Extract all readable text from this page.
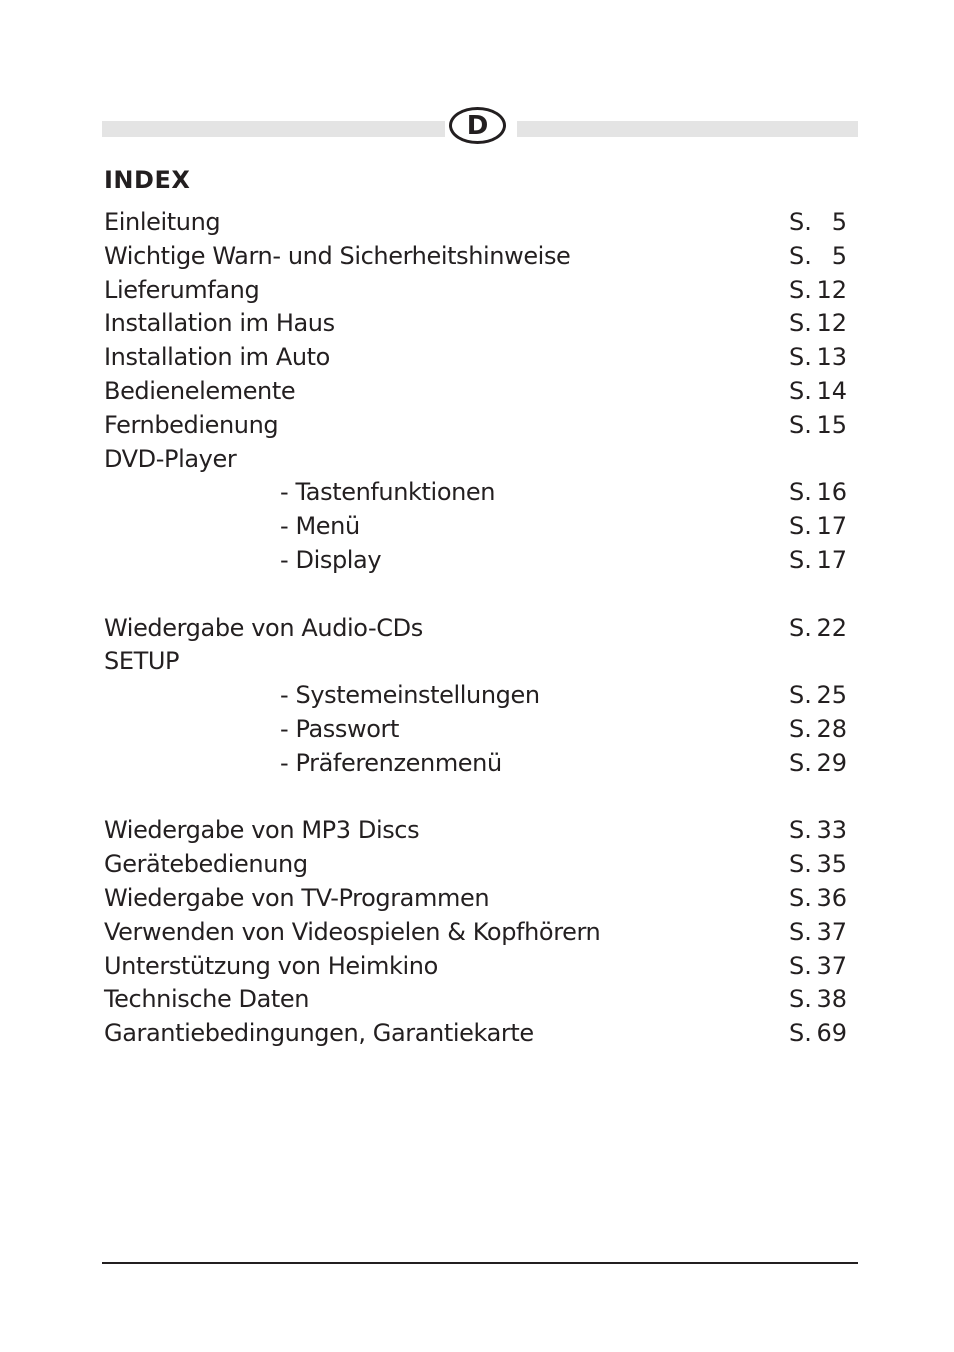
D
INDEX
Einleitung	S. 5
Wichtige Warn- und Sicherheitshinweise	S. 5
Lieferumfang	S. 12
Installation im Haus	S. 12
Installation im Auto	S. 13
Bedienelemente	S. 14
Fernbedienung	S. 15
DVD-Player
- Tastenfunktionen	S. 16
- Menü	S. 17
- Display	S. 17
Wiedergabe von Audio-CDs	S. 22
SETUP
- Systemeinstellungen	S. 25
- Passwort	S. 28
- Präferenzenmenü	S. 29
Wiedergabe von MP3 Discs	S. 33
Gerätebedienung	S. 35
Wiedergabe von TV-Programmen	S. 36
Verwenden von Videospielen & Kopfhörern	S. 37
Unterstützung von Heimkino	S. 37
Technische Daten	S. 38
Garantiebedingungen, Garantiekarte	S. 69
